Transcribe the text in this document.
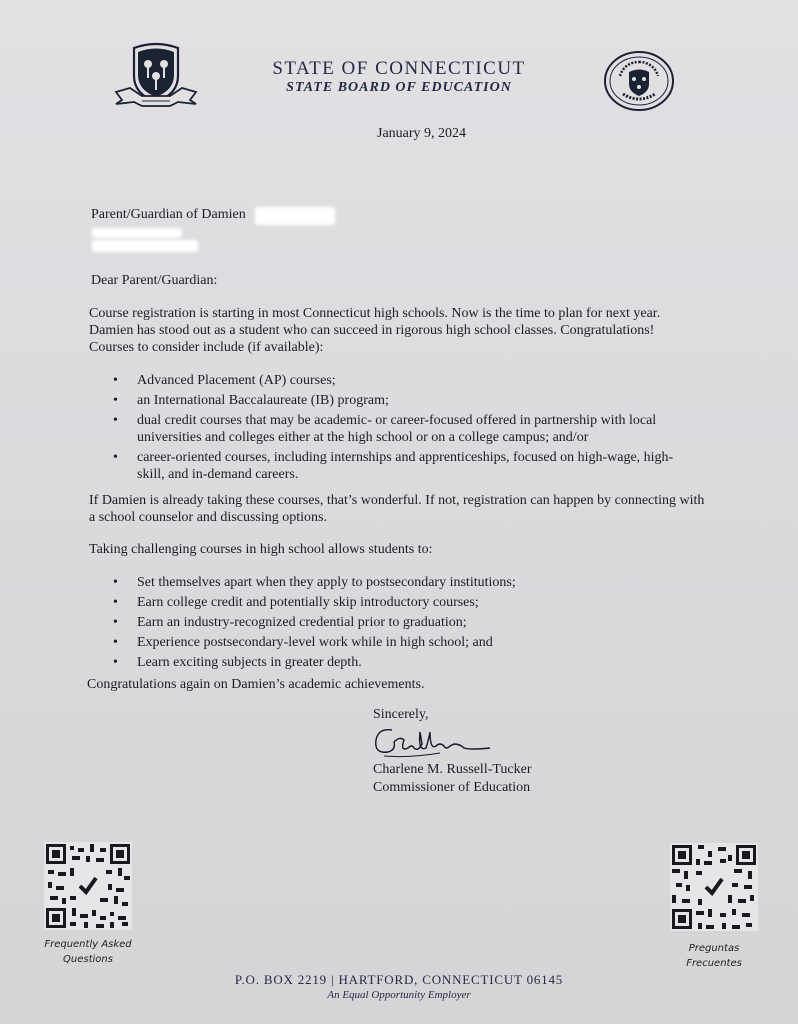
STATE OF CONNECTICUT
STATE BOARD OF EDUCATION
January 9, 2024
Parent/Guardian of Damien
Dear Parent/Guardian:
Course registration is starting in most Connecticut high schools. Now is the time to plan for next year.
Damien has stood out as a student who can succeed in rigorous high school classes. Congratulations!
Courses to consider include (if available):
• Advanced Placement (AP) courses;
• an International Baccalaureate (IB) program;
• dual credit courses that may be academic- or career-focused offered in partnership with local universities and colleges either at the high school or on a college campus; and/or
• career-oriented courses, including internships and apprenticeships, focused on high-wage, high-skill, and in-demand careers.
If Damien is already taking these courses, that’s wonderful. If not, registration can happen by connecting with a school counselor and discussing options.
Taking challenging courses in high school allows students to:
• Set themselves apart when they apply to postsecondary institutions;
• Earn college credit and potentially skip introductory courses;
• Earn an industry-recognized credential prior to graduation;
• Experience postsecondary-level work while in high school; and
• Learn exciting subjects in greater depth.
Congratulations again on Damien’s academic achievements.
Sincerely,
Charlene M. Russell-Tucker
Commissioner of Education
Frequently Asked
Questions
Preguntas
Frecuentes
P.O. BOX 2219 | HARTFORD, CONNECTICUT 06145
An Equal Opportunity Employer
